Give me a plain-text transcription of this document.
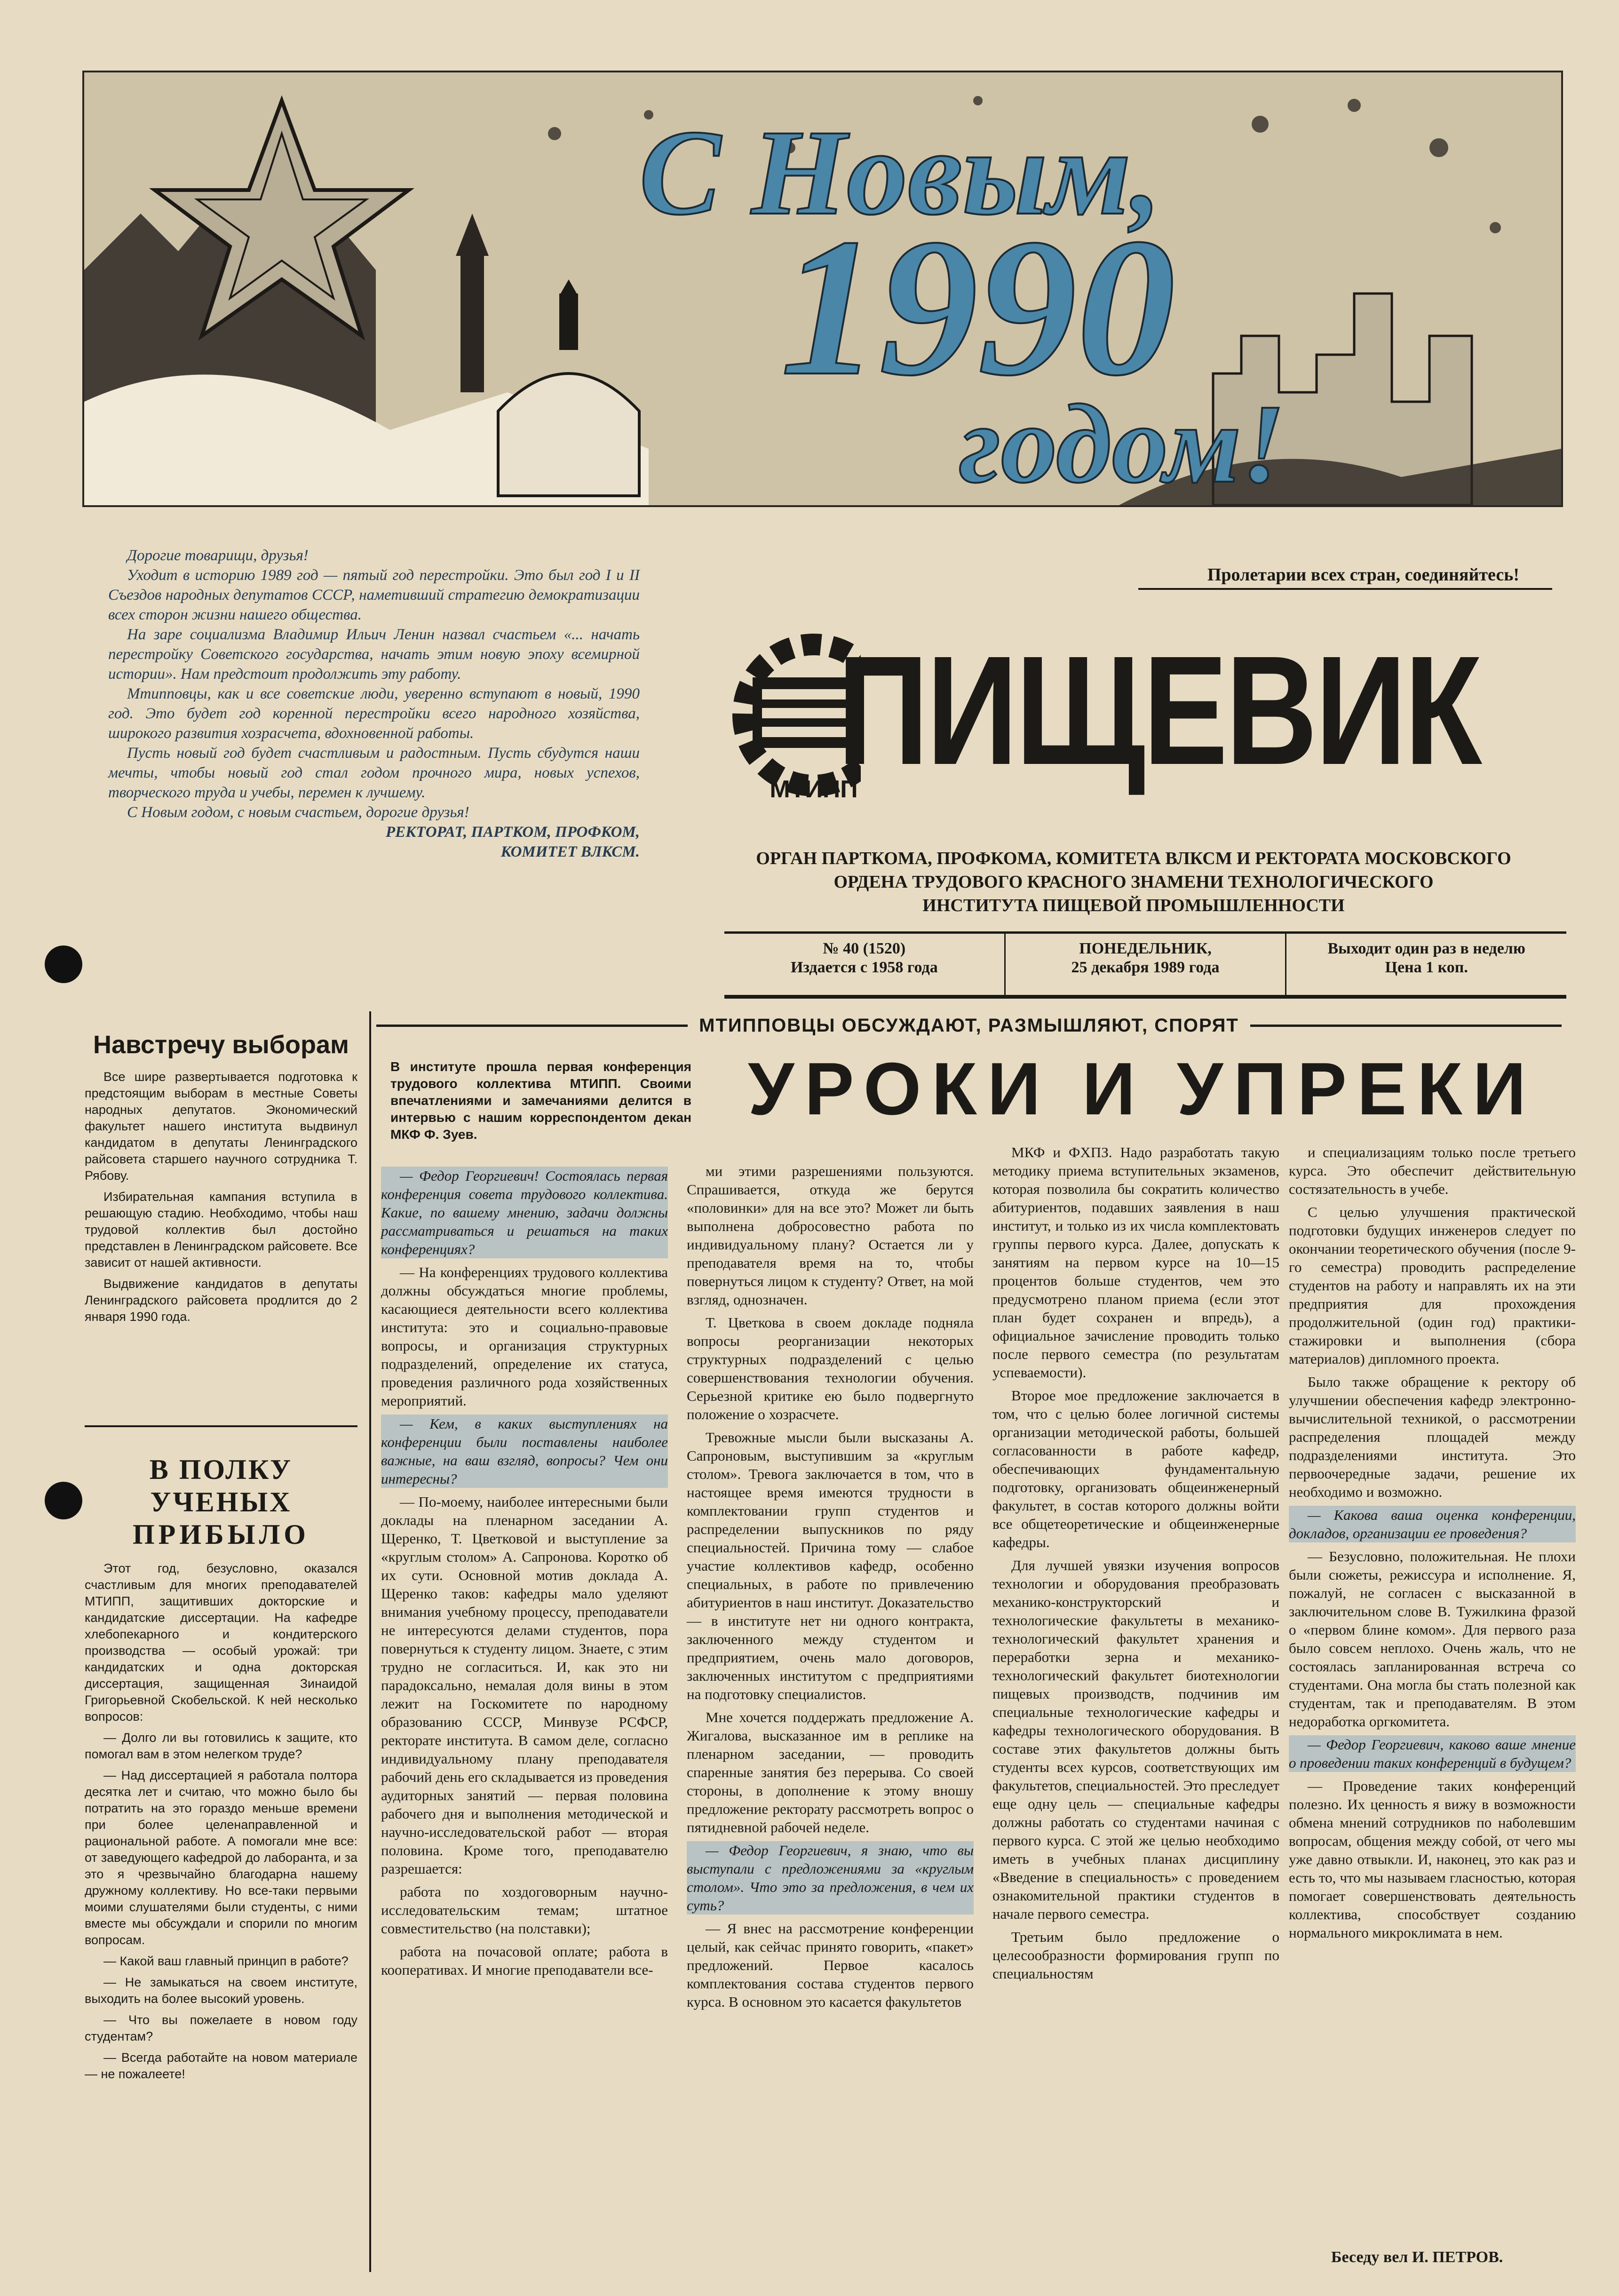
С Новым,
1990
годом!

Дорогие товарищи, друзья!

Уходит в историю 1989 год — пятый год перестройки. Это был год I и II Съездов народных депутатов СССР, наметивший стратегию демократизации всех сторон жизни нашего общества.

На заре социализма Владимир Ильич Ленин назвал счастьем «... начать перестройку Советского государства, начать этим новую эпоху всемирной истории». Нам предстоит продолжить эту работу.

Мтипповцы, как и все советские люди, уверенно вступают в новый, 1990 год. Это будет год коренной перестройки всего народного хозяйства, широкого развития хозрасчета, вдохновенной работы.

Пусть новый год будет счастливым и радостным. Пусть сбудутся наши мечты, чтобы новый год стал годом прочного мира, новых успехов, творческого труда и учебы, перемен к лучшему.

С Новым годом, с новым счастьем, дорогие друзья!

РЕКТОРАТ, ПАРТКОМ, ПРОФКОМ,

КОМИТЕТ ВЛКСМ.

Пролетарии всех стран, соединяйтесь!
МТИПП
ПИЩЕВИК
ОРГАН ПАРТКОМА, ПРОФКОМА, КОМИТЕТА ВЛКСМ И РЕКТОРАТА МОСКОВСКОГО
ОРДЕНА ТРУДОВОГО КРАСНОГО ЗНАМЕНИ ТЕХНОЛОГИЧЕСКОГО
ИНСТИТУТА ПИЩЕВОЙ ПРОМЫШЛЕННОСТИ
№ 40 (1520)
Издается с 1958 года
ПОНЕДЕЛЬНИК,
25 декабря 1989 года
Выходит один раз в неделю
Цена 1 коп.
Навстречу выборам

Все шире развертывается подготовка к предстоящим выборам в местные Советы народных депутатов. Экономический факультет нашего института выдвинул кандидатом в депутаты Ленинградского райсовета старшего научного сотрудника Т. Рябову.

Избирательная кампания вступила в решающую стадию. Необходимо, чтобы наш трудовой коллектив был достойно представлен в Ленинградском райсовете. Все зависит от нашей активности.

Выдвижение кандидатов в депутаты Ленинградского райсовета продлится до 2 января 1990 года.

В ПОЛКУ УЧЕНЫХ
ПРИБЫЛО

Этот год, безусловно, оказался счастливым для многих преподавателей МТИПП, защитивших докторские и кандидатские диссертации. На кафедре хлебопекарного и кондитерского производства — особый урожай: три кандидатских и одна докторская диссертация, защищенная Зинаидой Григорьевной Скобельской. К ней несколько вопросов:

— Долго ли вы готовились к защите, кто помогал вам в этом нелегком труде?

— Над диссертацией я работала полтора десятка лет и считаю, что можно было бы потратить на это гораздо меньше времени при более целенаправленной и рациональной работе. А помогали мне все: от заведующего кафедрой до лаборанта, и за это я чрезвычайно благодарна нашему дружному коллективу. Но все-таки первыми моими слушателями были студенты, с ними вместе мы обсуждали и спорили по многим вопросам.

— Какой ваш главный принцип в работе?

— Не замыкаться на своем институте, выходить на более высокий уровень.

— Что вы пожелаете в новом году студентам?

— Всегда работайте на новом материале — не пожалеете!

МТИППОВЦЫ ОБСУЖДАЮТ, РАЗМЫШЛЯЮТ, СПОРЯТ
В институте прошла первая конференция трудового коллектива МТИПП. Своими впечатлениями и замечаниями делится в интервью с нашим корреспондентом декан МКФ Ф. Зуев.
УРОКИ И УПРЕКИ

— Федор Георгиевич! Состоялась первая конференция совета трудового коллектива. Какие, по вашему мнению, задачи должны рассматриваться и решаться на таких конференциях?

— На конференциях трудового коллектива должны обсуждаться многие проблемы, касающиеся деятельности всего коллектива института: это и социально-правовые вопросы, и организация структурных подразделений, определение их статуса, проведения различного рода хозяйственных мероприятий.

— Кем, в каких выступлениях на конференции были поставлены наиболее важные, на ваш взгляд, вопросы? Чем они интересны?

— По-моему, наиболее интересными были доклады на пленарном заседании А. Щеренко, Т. Цветковой и выступление за «круглым столом» А. Сапронова. Коротко об их сути. Основной мотив доклада А. Щеренко таков: кафедры мало уделяют внимания учебному процессу, преподаватели не интересуются делами студентов, пора повернуться к студенту лицом. Знаете, с этим трудно не согласиться. И, как это ни парадоксально, немалая доля вины в этом лежит на Госкомитете по народному образованию СССР, Минвузе РСФСР, ректорате института. В самом деле, согласно индивидуальному плану преподавателя рабочий день его складывается из проведения аудиторных занятий — первая половина рабочего дня и выполнения методической и научно-исследовательской работ — вторая половина. Кроме того, преподавателю разрешается:

работа по хоздоговорным научно-исследовательским темам; штатное совместительство (на полставки);

работа на почасовой оплате; работа в кооперативах. И многие преподаватели все-

ми этими разрешениями пользуются. Спрашивается, откуда же берутся «половинки» для на все это? Может ли быть выполнена добросовестно работа по индивидуальному плану? Остается ли у преподавателя время на то, чтобы повернуться лицом к студенту? Ответ, на мой взгляд, однозначен.

Т. Цветкова в своем докладе подняла вопросы реорганизации некоторых структурных подразделений с целью совершенствования технологии обучения. Серьезной критике ею было подвергнуто положение о хозрасчете.

Тревожные мысли были высказаны А. Сапроновым, выступившим за «круглым столом». Тревога заключается в том, что в настоящее время имеются трудности в комплектовании групп студентов и распределении выпускников по ряду специальностей. Причина тому — слабое участие коллективов кафедр, особенно специальных, в работе по привлечению абитуриентов в наш институт. Доказательство — в институте нет ни одного контракта, заключенного между студентом и предприятием, очень мало договоров, заключенных институтом с предприятиями на подготовку специалистов.

Мне хочется поддержать предложение А. Жигалова, высказанное им в реплике на пленарном заседании, — проводить спаренные занятия без перерыва. Со своей стороны, в дополнение к этому вношу предложение ректорату рассмотреть вопрос о пятидневной рабочей неделе.

— Федор Георгиевич, я знаю, что вы выступали с предложениями за «круглым столом». Что это за предложения, в чем их суть?

— Я внес на рассмотрение конференции целый, как сейчас принято говорить, «пакет» предложений. Первое касалось комплектования состава студентов первого курса. В основном это касается факультетов

МКФ и ФХПЗ. Надо разработать такую методику приема вступительных экзаменов, которая позволила бы сократить количество абитуриентов, подавших заявления в наш институт, и только из их числа комплектовать группы первого курса. Далее, допускать к занятиям на первом курсе на 10—15 процентов больше студентов, чем это предусмотрено планом приема (если этот план будет сохранен и впредь), а официальное зачисление проводить только после первого семестра (по результатам успеваемости).

Второе мое предложение заключается в том, что с целью более логичной системы организации методической работы, большей согласованности в работе кафедр, обеспечивающих фундаментальную подготовку, организовать общеинженерный факультет, в состав которого должны войти все общетеоретические и общеинженерные кафедры.

Для лучшей увязки изучения вопросов технологии и оборудования преобразовать механико-конструкторский и технологические факультеты в механико-технологический факультет хранения и переработки зерна и механико-технологический факультет биотехнологии пищевых производств, подчинив им специальные технологические кафедры и кафедры технологического оборудования. В составе этих факультетов должны быть студенты всех курсов, соответствующих им факультетов, специальностей. Это преследует еще одну цель — специальные кафедры должны работать со студентами начиная с первого курса. С этой же целью необходимо иметь в учебных планах дисциплину «Введение в специальность» с проведением ознакомительной практики студентов в начале первого семестра.

Третьим было предложение о целесообразности формирования групп по специальностям

и специализациям только после третьего курса. Это обеспечит действительную состязательность в учебе.

С целью улучшения практической подготовки будущих инженеров следует по окончании теоретического обучения (после 9-го семестра) проводить распределение студентов на работу и направлять их на эти предприятия для прохождения продолжительной (один год) практики-стажировки и выполнения (сбора материалов) дипломного проекта.

Было также обращение к ректору об улучшении обеспечения кафедр электронно-вычислительной техникой, о рассмотрении распределения площадей между подразделениями института. Это первоочередные задачи, решение их необходимо и возможно.

— Какова ваша оценка конференции, докладов, организации ее проведения?

— Безусловно, положительная. Не плохи были сюжеты, режиссура и исполнение. Я, пожалуй, не согласен с высказанной в заключительном слове В. Тужилкина фразой о «первом блине комом». Для первого раза было совсем неплохо. Очень жаль, что не состоялась запланированная встреча со студентами. Она могла бы стать полезной как студентам, так и преподавателям. В этом недоработка оргкомитета.

— Федор Георгиевич, каково ваше мнение о проведении таких конференций в будущем?

— Проведение таких конференций полезно. Их ценность я вижу в возможности обмена мнений сотрудников по наболевшим вопросам, общения между собой, от чего мы уже давно отвыкли. И, наконец, это как раз и есть то, что мы называем гласностью, которая помогает совершенствовать деятельность коллектива, способствует созданию нормального микроклимата в нем.

Беседу вел И. ПЕТРОВ.
